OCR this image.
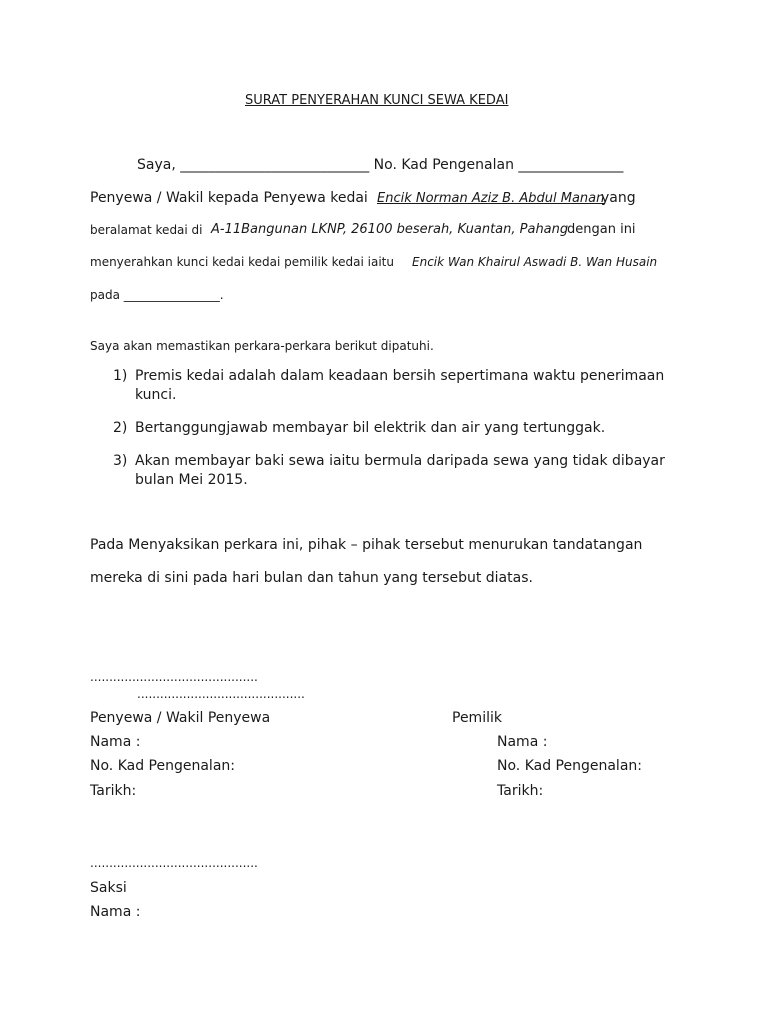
SURAT PENYERAHAN KUNCI SEWA KEDAI
Saya, ___________________________ No. Kad Pengenalan _______________
Penyewa / Wakil kepada Penyewa kedai Encik Norman Aziz B. Abdul Manan
yang
beralamat kedai di A-11Bangunan LKNP, 26100 beserah, Kuantan, Pahang
dengan ini
menyerahkan kunci kedai kedai pemilik kedai iaitu Encik Wan Khairul Aswadi B. Wan Husain
pada ________________.
Saya akan memastikan perkara-perkara berikut dipatuhi.
1) Premis kedai adalah dalam keadaan bersih sepertimana waktu penerimaan
kunci.
2) Bertanggungjawab membayar bil elektrik dan air yang tertunggak.
3) Akan membayar baki sewa iaitu bermula daripada sewa yang tidak dibayar
bulan Mei 2015.
Pada Menyaksikan perkara ini, pihak – pihak tersebut menurukan tandatangan
mereka di sini pada hari bulan dan tahun yang tersebut diatas.
............................................
............................................
Penyewa / Wakil Penyewa	Pemilik
Nama :	Nama :
No. Kad Pengenalan:	No. Kad Pengenalan:
Tarikh:	Tarikh:
............................................
Saksi
Nama :
